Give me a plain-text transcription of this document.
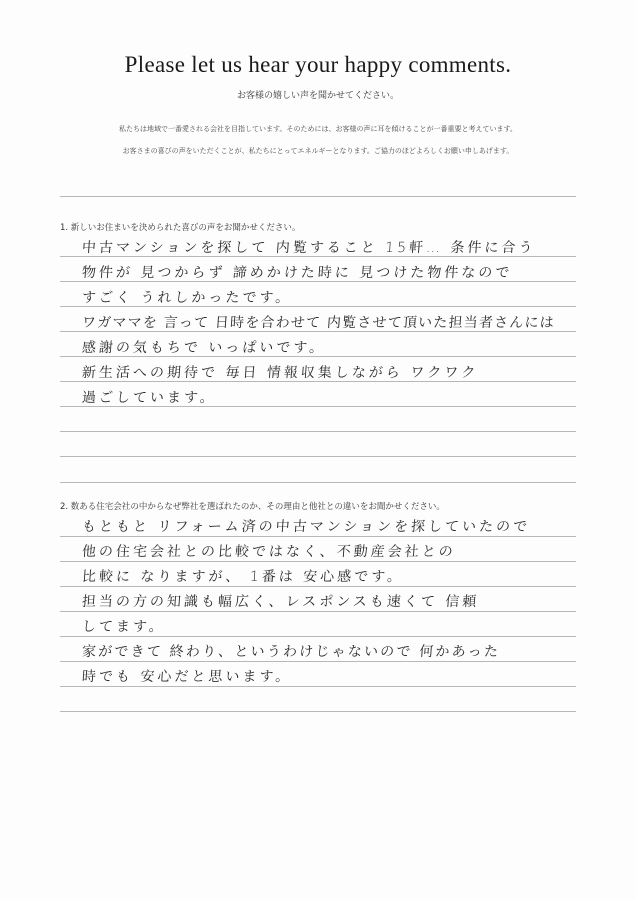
Please let us hear your happy comments.
お客様の嬉しい声を聞かせてください。
私たちは地域で一番愛される会社を目指しています。そのためには、お客様の声に耳を傾けることが一番重要と考えています。
お客さまの喜びの声をいただくことが、私たちにとってエネルギーとなります。ご協力のほどよろしくお願い申しあげます。
1. 新しいお住まいを決められた喜びの声をお聞かせください。
中古マンションを探して 内覧すること 15軒… 条件に合う
物件が 見つからず 諦めかけた時に 見つけた物件なので
すごく うれしかったです。
ワガママを 言って 日時を合わせて 内覧させて頂いた担当者さんには
感謝の気もちで いっぱいです。
新生活への期待で 毎日 情報収集しながら ワクワク
過ごしています。
2. 数ある住宅会社の中からなぜ弊社を選ばれたのか、その理由と他社との違いをお聞かせください。
もともと リフォーム済の中古マンションを探していたので
他の住宅会社との比較ではなく、不動産会社との
比較に なりますが、 1番は 安心感です。
担当の方の知識も幅広く、レスポンスも速くて 信頼
してます。
家ができて 終わり、というわけじゃないので 何かあった
時でも 安心だと思います。
